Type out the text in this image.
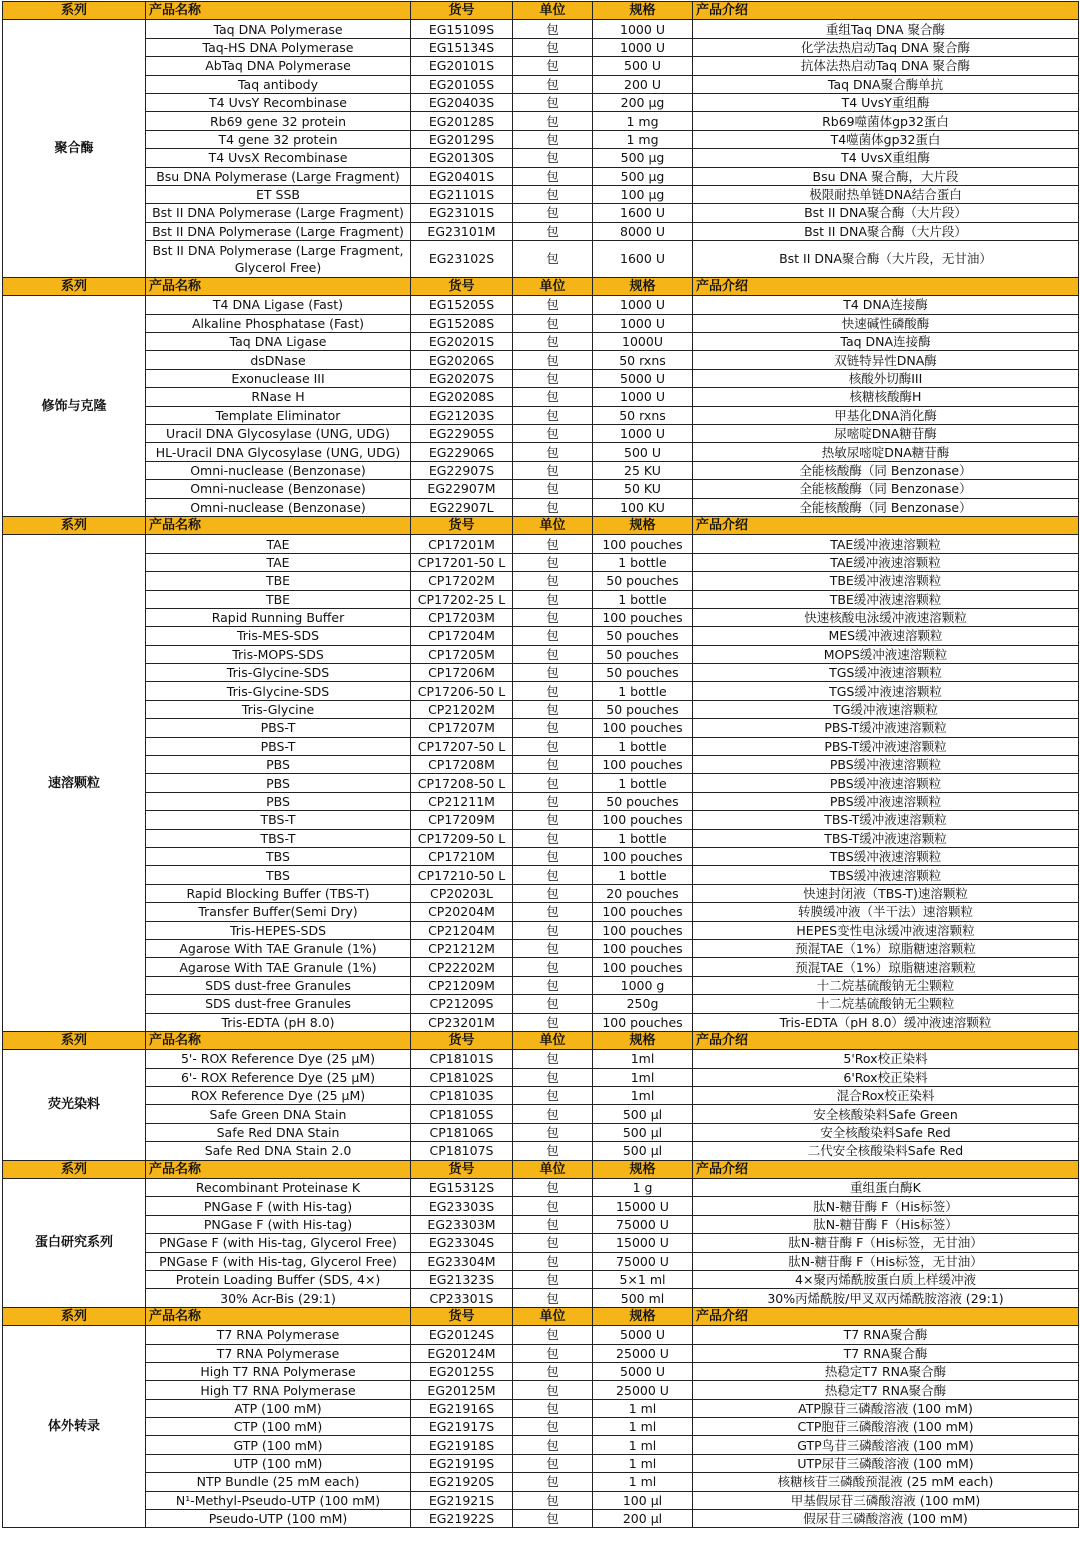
系列	产品名称	货号	单位	规格	产品介绍
聚合酶	Taq DNA Polymerase	EG15109S	包	1000 U	重组Taq DNA 聚合酶
	Taq-HS DNA Polymerase	EG15134S	包	1000 U	化学法热启动Taq DNA 聚合酶
	AbTaq DNA Polymerase	EG20101S	包	500 U	抗体法热启动Taq DNA 聚合酶
	Taq antibody	EG20105S	包	200 U	Taq DNA聚合酶单抗
	T4 UvsY Recombinase	EG20403S	包	200 μg	T4 UvsY重组酶
	Rb69 gene 32 protein	EG20128S	包	1 mg	Rb69噬菌体gp32蛋白
	T4 gene 32 protein	EG20129S	包	1 mg	T4噬菌体gp32蛋白
	T4 UvsX Recombinase	EG20130S	包	500 μg	T4 UvsX重组酶
	Bsu DNA Polymerase (Large Fragment)	EG20401S	包	500 μg	Bsu DNA 聚合酶，大片段
	ET SSB	EG21101S	包	100 μg	极限耐热单链DNA结合蛋白
	Bst II DNA Polymerase (Large Fragment)	EG23101S	包	1600 U	Bst II DNA聚合酶（大片段）
	Bst II DNA Polymerase (Large Fragment)	EG23101M	包	8000 U	Bst II DNA聚合酶（大片段）
	Bst II DNA Polymerase (Large Fragment, Glycerol Free)	EG23102S	包	1600 U	Bst II DNA聚合酶（大片段，无甘油）
系列	产品名称	货号	单位	规格	产品介绍
修饰与克隆	T4 DNA Ligase (Fast)	EG15205S	包	1000 U	T4 DNA连接酶
	Alkaline Phosphatase (Fast)	EG15208S	包	1000 U	快速碱性磷酸酶
	Taq DNA Ligase	EG20201S	包	1000U	Taq DNA连接酶
	dsDNase	EG20206S	包	50 rxns	双链特异性DNA酶
	Exonuclease III	EG20207S	包	5000 U	核酸外切酶III
	RNase H	EG20208S	包	1000 U	核糖核酸酶H
	Template Eliminator	EG21203S	包	50 rxns	甲基化DNA消化酶
	Uracil DNA Glycosylase (UNG, UDG)	EG22905S	包	1000 U	尿嘧啶DNA糖苷酶
	HL-Uracil DNA Glycosylase (UNG, UDG)	EG22906S	包	500 U	热敏尿嘧啶DNA糖苷酶
	Omni-nuclease (Benzonase)	EG22907S	包	25 KU	全能核酸酶（同 Benzonase）
	Omni-nuclease (Benzonase)	EG22907M	包	50 KU	全能核酸酶（同 Benzonase）
	Omni-nuclease (Benzonase)	EG22907L	包	100 KU	全能核酸酶（同 Benzonase）
系列	产品名称	货号	单位	规格	产品介绍
速溶颗粒	TAE	CP17201M	包	100 pouches	TAE缓冲液速溶颗粒
	TAE	CP17201-50 L	包	1 bottle	TAE缓冲液速溶颗粒
	TBE	CP17202M	包	50 pouches	TBE缓冲液速溶颗粒
	TBE	CP17202-25 L	包	1 bottle	TBE缓冲液速溶颗粒
	Rapid Running Buffer	CP17203M	包	100 pouches	快速核酸电泳缓冲液速溶颗粒
	Tris-MES-SDS	CP17204M	包	50 pouches	MES缓冲液速溶颗粒
	Tris-MOPS-SDS	CP17205M	包	50 pouches	MOPS缓冲液速溶颗粒
	Tris-Glycine-SDS	CP17206M	包	50 pouches	TGS缓冲液速溶颗粒
	Tris-Glycine-SDS	CP17206-50 L	包	1 bottle	TGS缓冲液速溶颗粒
	Tris-Glycine	CP21202M	包	50 pouches	TG缓冲液速溶颗粒
	PBS-T	CP17207M	包	100 pouches	PBS-T缓冲液速溶颗粒
	PBS-T	CP17207-50 L	包	1 bottle	PBS-T缓冲液速溶颗粒
	PBS	CP17208M	包	100 pouches	PBS缓冲液速溶颗粒
	PBS	CP17208-50 L	包	1 bottle	PBS缓冲液速溶颗粒
	PBS	CP21211M	包	50 pouches	PBS缓冲液速溶颗粒
	TBS-T	CP17209M	包	100 pouches	TBS-T缓冲液速溶颗粒
	TBS-T	CP17209-50 L	包	1 bottle	TBS-T缓冲液速溶颗粒
	TBS	CP17210M	包	100 pouches	TBS缓冲液速溶颗粒
	TBS	CP17210-50 L	包	1 bottle	TBS缓冲液速溶颗粒
	Rapid Blocking Buffer (TBS-T)	CP20203L	包	20 pouches	快速封闭液（TBS-T)速溶颗粒
	Transfer Buffer(Semi Dry)	CP20204M	包	100 pouches	转膜缓冲液（半干法）速溶颗粒
	Tris-HEPES-SDS	CP21204M	包	100 pouches	HEPES变性电泳缓冲液速溶颗粒
	Agarose With TAE Granule (1%)	CP21212M	包	100 pouches	预混TAE（1%）琼脂糖速溶颗粒
	Agarose With TAE Granule (1%)	CP22202M	包	100 pouches	预混TAE（1%）琼脂糖速溶颗粒
	SDS dust-free Granules	CP21209M	包	1000 g	十二烷基硫酸钠无尘颗粒
	SDS dust-free Granules	CP21209S	包	250g	十二烷基硫酸钠无尘颗粒
	Tris-EDTA (pH 8.0)	CP23201M	包	100 pouches	Tris-EDTA（pH 8.0）缓冲液速溶颗粒
系列	产品名称	货号	单位	规格	产品介绍
荧光染料	5'- ROX Reference Dye (25 μM)	CP18101S	包	1ml	5'Rox校正染料
	6'- ROX Reference Dye (25 μM)	CP18102S	包	1ml	6'Rox校正染料
	ROX Reference Dye (25 μM)	CP18103S	包	1ml	混合Rox校正染料
	Safe Green DNA Stain	CP18105S	包	500 μl	安全核酸染料Safe Green
	Safe Red DNA Stain	CP18106S	包	500 μl	安全核酸染料Safe Red
	Safe Red DNA Stain 2.0	CP18107S	包	500 μl	二代安全核酸染料Safe Red
系列	产品名称	货号	单位	规格	产品介绍
蛋白研究系列	Recombinant Proteinase K	EG15312S	包	1 g	重组蛋白酶K
	PNGase F (with His-tag)	EG23303S	包	15000 U	肽N-糖苷酶 F（His标签）
	PNGase F (with His-tag)	EG23303M	包	75000 U	肽N-糖苷酶 F（His标签）
	PNGase F (with His-tag, Glycerol Free)	EG23304S	包	15000 U	肽N-糖苷酶 F（His标签，无甘油）
	PNGase F (with His-tag, Glycerol Free)	EG23304M	包	75000 U	肽N-糖苷酶 F（His标签，无甘油）
	Protein Loading Buffer (SDS, 4×)	EG21323S	包	5×1 ml	4×聚丙烯酰胺蛋白质上样缓冲液
	30% Acr-Bis (29:1)	CP23301S	包	500 ml	30%丙烯酰胺/甲叉双丙烯酰胺溶液 (29:1)
系列	产品名称	货号	单位	规格	产品介绍
体外转录	T7 RNA Polymerase	EG20124S	包	5000 U	T7 RNA聚合酶
	T7 RNA Polymerase	EG20124M	包	25000 U	T7 RNA聚合酶
	High T7 RNA Polymerase	EG20125S	包	5000 U	热稳定T7 RNA聚合酶
	High T7 RNA Polymerase	EG20125M	包	25000 U	热稳定T7 RNA聚合酶
	ATP (100 mM)	EG21916S	包	1 ml	ATP腺苷三磷酸溶液 (100 mM)
	CTP (100 mM)	EG21917S	包	1 ml	CTP胞苷三磷酸溶液 (100 mM)
	GTP (100 mM)	EG21918S	包	1 ml	GTP鸟苷三磷酸溶液 (100 mM)
	UTP (100 mM)	EG21919S	包	1 ml	UTP尿苷三磷酸溶液 (100 mM)
	NTP Bundle (25 mM each)	EG21920S	包	1 ml	核糖核苷三磷酸预混液 (25 mM each)
	N¹-Methyl-Pseudo-UTP (100 mM)	EG21921S	包	100 μl	甲基假尿苷三磷酸溶液 (100 mM)
	Pseudo-UTP (100 mM)	EG21922S	包	200 μl	假尿苷三磷酸溶液 (100 mM)
